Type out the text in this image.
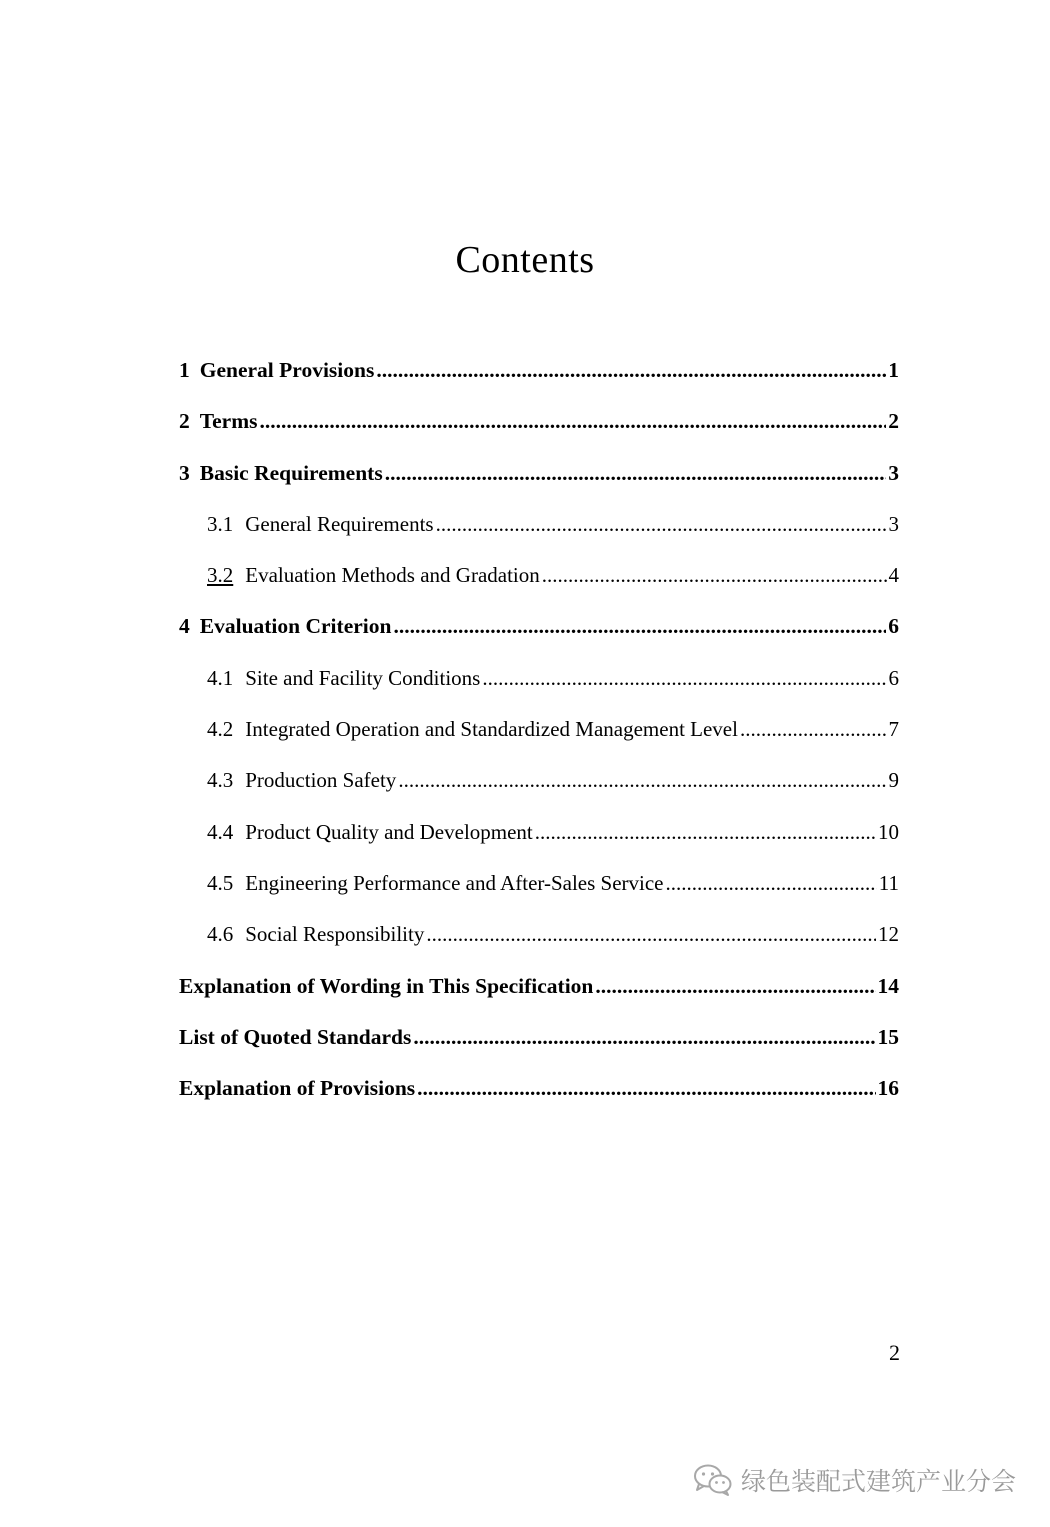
Contents
1 General Provisions .....	1
2 Terms .....	2
3 Basic Requirements .....	3
3.1 General Requirements .....	3
3.2 Evaluation Methods and Gradation .....	4
4 Evaluation Criterion .....	6
4.1 Site and Facility Conditions .....	6
4.2 Integrated Operation and Standardized Management Level .....	7
4.3 Production Safety .....	9
4.4 Product Quality and Development .....	10
4.5 Engineering Performance and After-Sales Service .....	11
4.6 Social Responsibility .....	12
Explanation of Wording in This Specification .....	14
List of Quoted Standards .....	15
Explanation of Provisions .....	16
2
绿色装配式建筑产业分会
